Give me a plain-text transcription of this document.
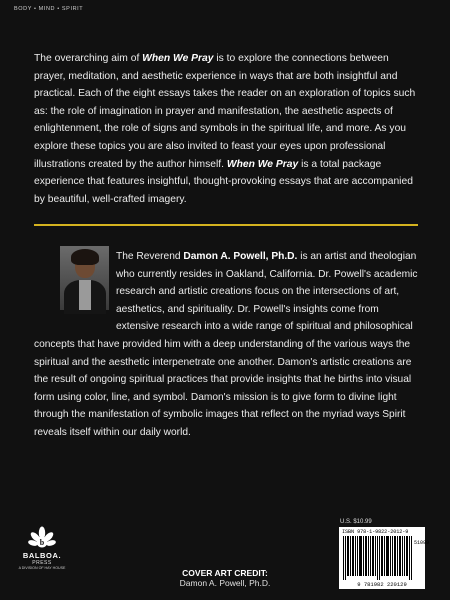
BODY • MIND • SPIRIT
The overarching aim of When We Pray is to explore the connections between prayer, meditation, and aesthetic experience in ways that are both insightful and practical. Each of the eight essays takes the reader on an exploration of topics such as: the role of imagination in prayer and manifestation, the aesthetic aspects of enlightenment, the role of signs and symbols in the spiritual life, and more. As you explore these topics you are also invited to feast your eyes upon professional illustrations created by the author himself. When We Pray is a total package experience that features insightful, thought-provoking essays that are accompanied by beautiful, well-crafted imagery.
The Reverend Damon A. Powell, Ph.D. is an artist and theologian who currently resides in Oakland, California. Dr. Powell's academic research and artistic creations focus on the intersections of art, aesthetics, and spirituality. Dr. Powell's insights come from extensive research into a wide range of spiritual and philosophical concepts that have provided him with a deep understanding of the various ways the spiritual and the aesthetic interpenetrate one another. Damon's artistic creations are the result of ongoing spiritual practices that provide insights that he births into visual form using color, line, and symbol. Damon's mission is to give form to divine light through the manifestation of symbolic images that reflect on the myriad ways Spirit reveals itself within our daily world.
U.S. $10.99
ISBN 978-1-9822-2012-9
51099
9 781982 220129
b
BALBOA.
PRESS
A DIVISION OF HAY HOUSE	COVER ART CREDIT:
Damon A. Powell, Ph.D.
